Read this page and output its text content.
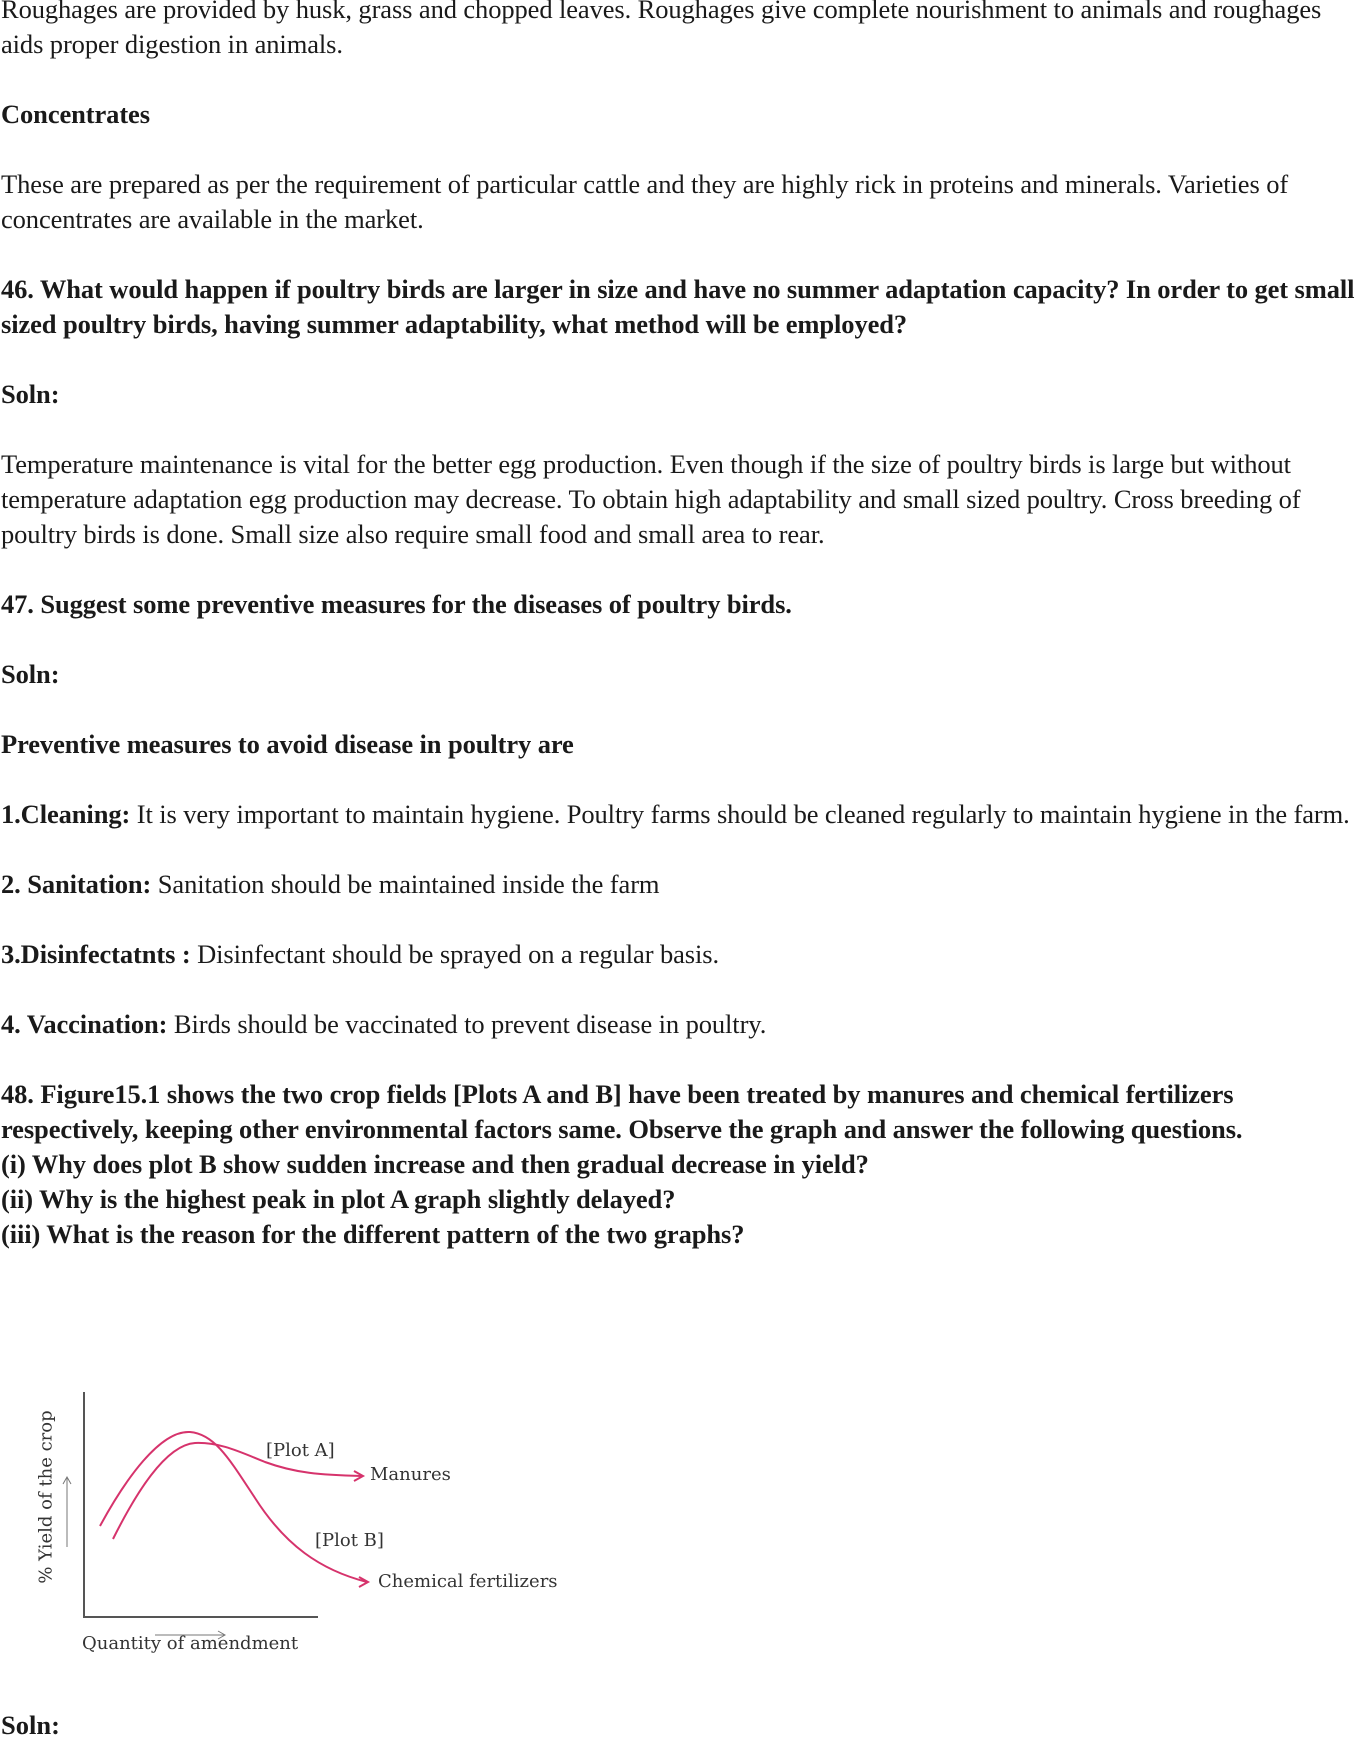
Roughages are provided by husk, grass and chopped leaves. Roughages give complete nourishment to animals and roughages aids proper digestion in animals.

Concentrates

These are prepared as per the requirement of particular cattle and they are highly rick in proteins and minerals. Varieties of concentrates are available in the market.

46. What would happen if poultry birds are larger in size and have no summer adaptation capacity? In order to get small sized poultry birds, having summer adaptability, what method will be employed?

Soln:

Temperature maintenance is vital for the better egg production. Even though if the size of poultry birds is large but without temperature adaptation egg production may decrease. To obtain high adaptability and small sized poultry. Cross breeding of poultry birds is done. Small size also require small food and small area to rear.

47. Suggest some preventive measures for the diseases of poultry birds.

Soln:

Preventive measures to avoid disease in poultry are

1.Cleaning: It is very important to maintain hygiene. Poultry farms should be cleaned regularly to maintain hygiene in the farm.

2. Sanitation: Sanitation should be maintained inside the farm

3.Disinfectatnts : Disinfectant should be sprayed on a regular basis.

4. Vaccination: Birds should be vaccinated to prevent disease in poultry.

48. Figure15.1 shows the two crop fields [Plots A and B] have been treated by manures and chemical fertilizers respectively, keeping other environmental factors same. Observe the graph and answer the following questions.

(i) Why does plot B show sudden increase and then gradual decrease in yield?

(ii) Why is the highest peak in plot A graph slightly delayed?

(iii) What is the reason for the different pattern of the two graphs?

[Plot A]
Manures
[Plot B]
Chemical fertilizers
Quantity of amendment
% Yield of the crop
Soln:
